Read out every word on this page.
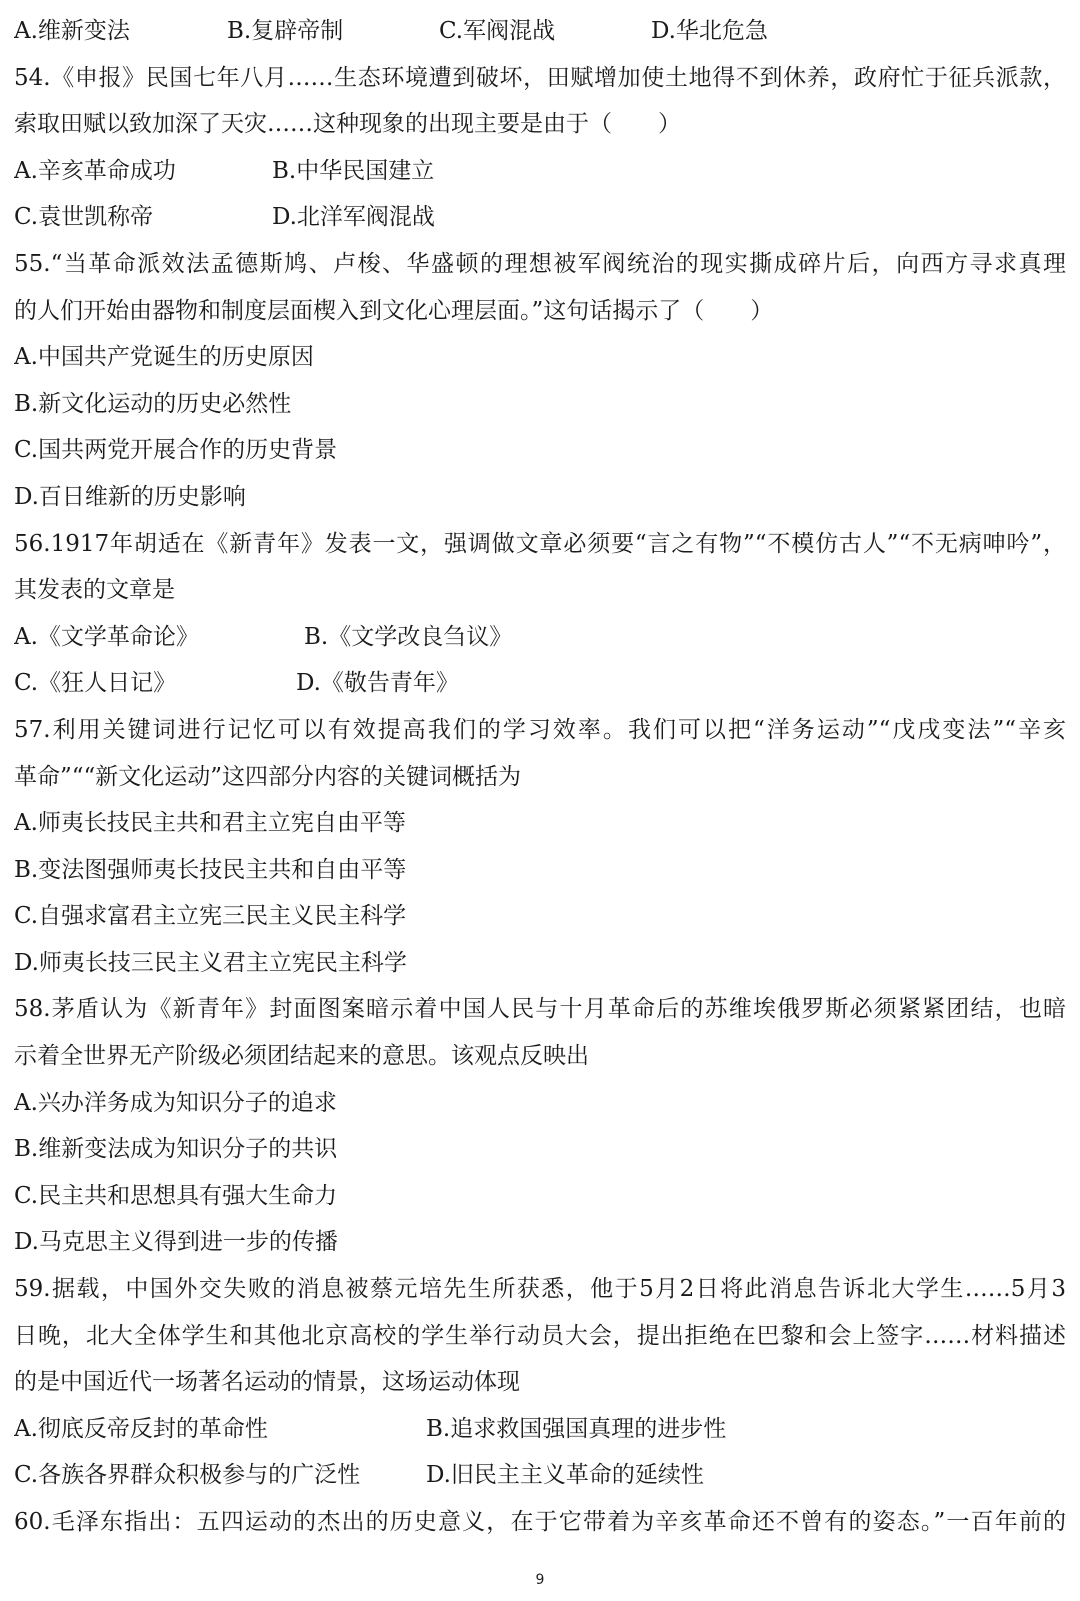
A.维新变法	B.复辟帝制	C.军阀混战	D.华北危急
54.《申报》民国七年八月……生态环境遭到破坏，田赋增加使土地得不到休养，政府忙于征兵派款，
索取田赋以致加深了天灾……这种现象的出现主要是由于（　　）
A.辛亥革命成功	B.中华民国建立
C.袁世凯称帝	D.北洋军阀混战
55.“当革命派效法孟德斯鸠、卢梭、华盛顿的理想被军阀统治的现实撕成碎片后，向西方寻求真理
的人们开始由器物和制度层面楔入到文化心理层面。”这句话揭示了（　　）
A.中国共产党诞生的历史原因
B.新文化运动的历史必然性
C.国共两党开展合作的历史背景
D.百日维新的历史影响
56.1917年胡适在《新青年》发表一文，强调做文章必须要“言之有物”“不模仿古人”“不无病呻吟”，
其发表的文章是
A.《文学革命论》	B.《文学改良刍议》
C.《狂人日记》	D.《敬告青年》
57.利用关键词进行记忆可以有效提高我们的学习效率。我们可以把“洋务运动”“戊戌变法”“辛亥
革命”““新文化运动”这四部分内容的关键词概括为
A.师夷长技民主共和君主立宪自由平等
B.变法图强师夷长技民主共和自由平等
C.自强求富君主立宪三民主义民主科学
D.师夷长技三民主义君主立宪民主科学
58.茅盾认为《新青年》封面图案暗示着中国人民与十月革命后的苏维埃俄罗斯必须紧紧团结，也暗
示着全世界无产阶级必须团结起来的意思。该观点反映出
A.兴办洋务成为知识分子的追求
B.维新变法成为知识分子的共识
C.民主共和思想具有强大生命力
D.马克思主义得到进一步的传播
59.据载，中国外交失败的消息被蔡元培先生所获悉，他于5月2日将此消息告诉北大学生……5月3
日晚，北大全体学生和其他北京高校的学生举行动员大会，提出拒绝在巴黎和会上签字……材料描述
的是中国近代一场著名运动的情景，这场运动体现
A.彻底反帝反封的革命性	B.追求救国强国真理的进步性
C.各族各界群众积极参与的广泛性	D.旧民主主义革命的延续性
60.毛泽东指出：五四运动的杰出的历史意义，在于它带着为辛亥革命还不曾有的姿态。”一百年前的
9
